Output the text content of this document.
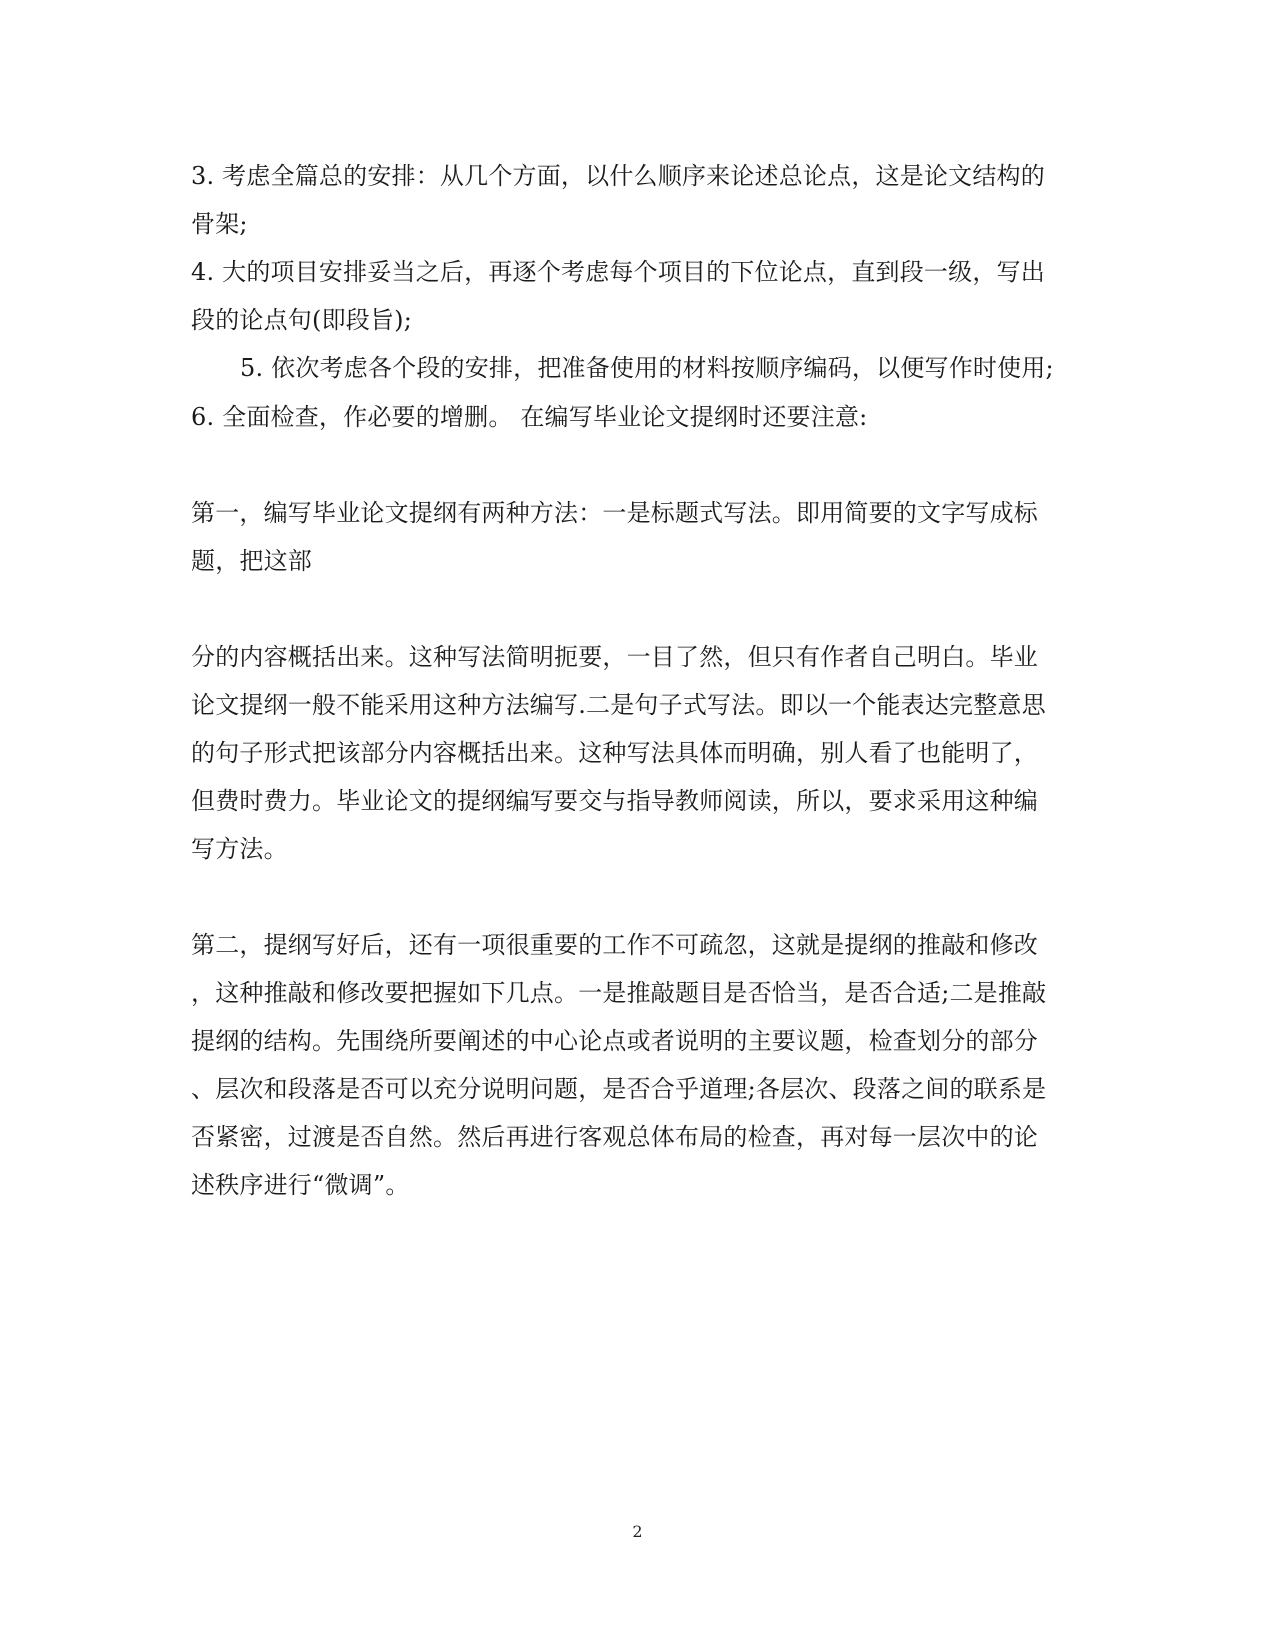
3. 考虑全篇总的安排：从几个方面，以什么顺序来论述总论点，这是论文结构的
骨架;
4. 大的项目安排妥当之后，再逐个考虑每个项目的下位论点，直到段一级，写出
段的论点句(即段旨);
5. 依次考虑各个段的安排，把准备使用的材料按顺序编码，以便写作时使用;
6. 全面检查，作必要的增删。 在编写毕业论文提纲时还要注意:
第一，编写毕业论文提纲有两种方法：一是标题式写法。即用简要的文字写成标
题，把这部
分的内容概括出来。这种写法简明扼要，一目了然，但只有作者自己明白。毕业
论文提纲一般不能采用这种方法编写.二是句子式写法。即以一个能表达完整意思
的句子形式把该部分内容概括出来。这种写法具体而明确，别人看了也能明了，
但费时费力。毕业论文的提纲编写要交与指导教师阅读，所以，要求采用这种编
写方法。
第二，提纲写好后，还有一项很重要的工作不可疏忽，这就是提纲的推敲和修改
，这种推敲和修改要把握如下几点。一是推敲题目是否恰当，是否合适;二是推敲
提纲的结构。先围绕所要阐述的中心论点或者说明的主要议题，检查划分的部分
、层次和段落是否可以充分说明问题，是否合乎道理;各层次、段落之间的联系是
否紧密，过渡是否自然。然后再进行客观总体布局的检查，再对每一层次中的论
述秩序进行“微调”。
2
